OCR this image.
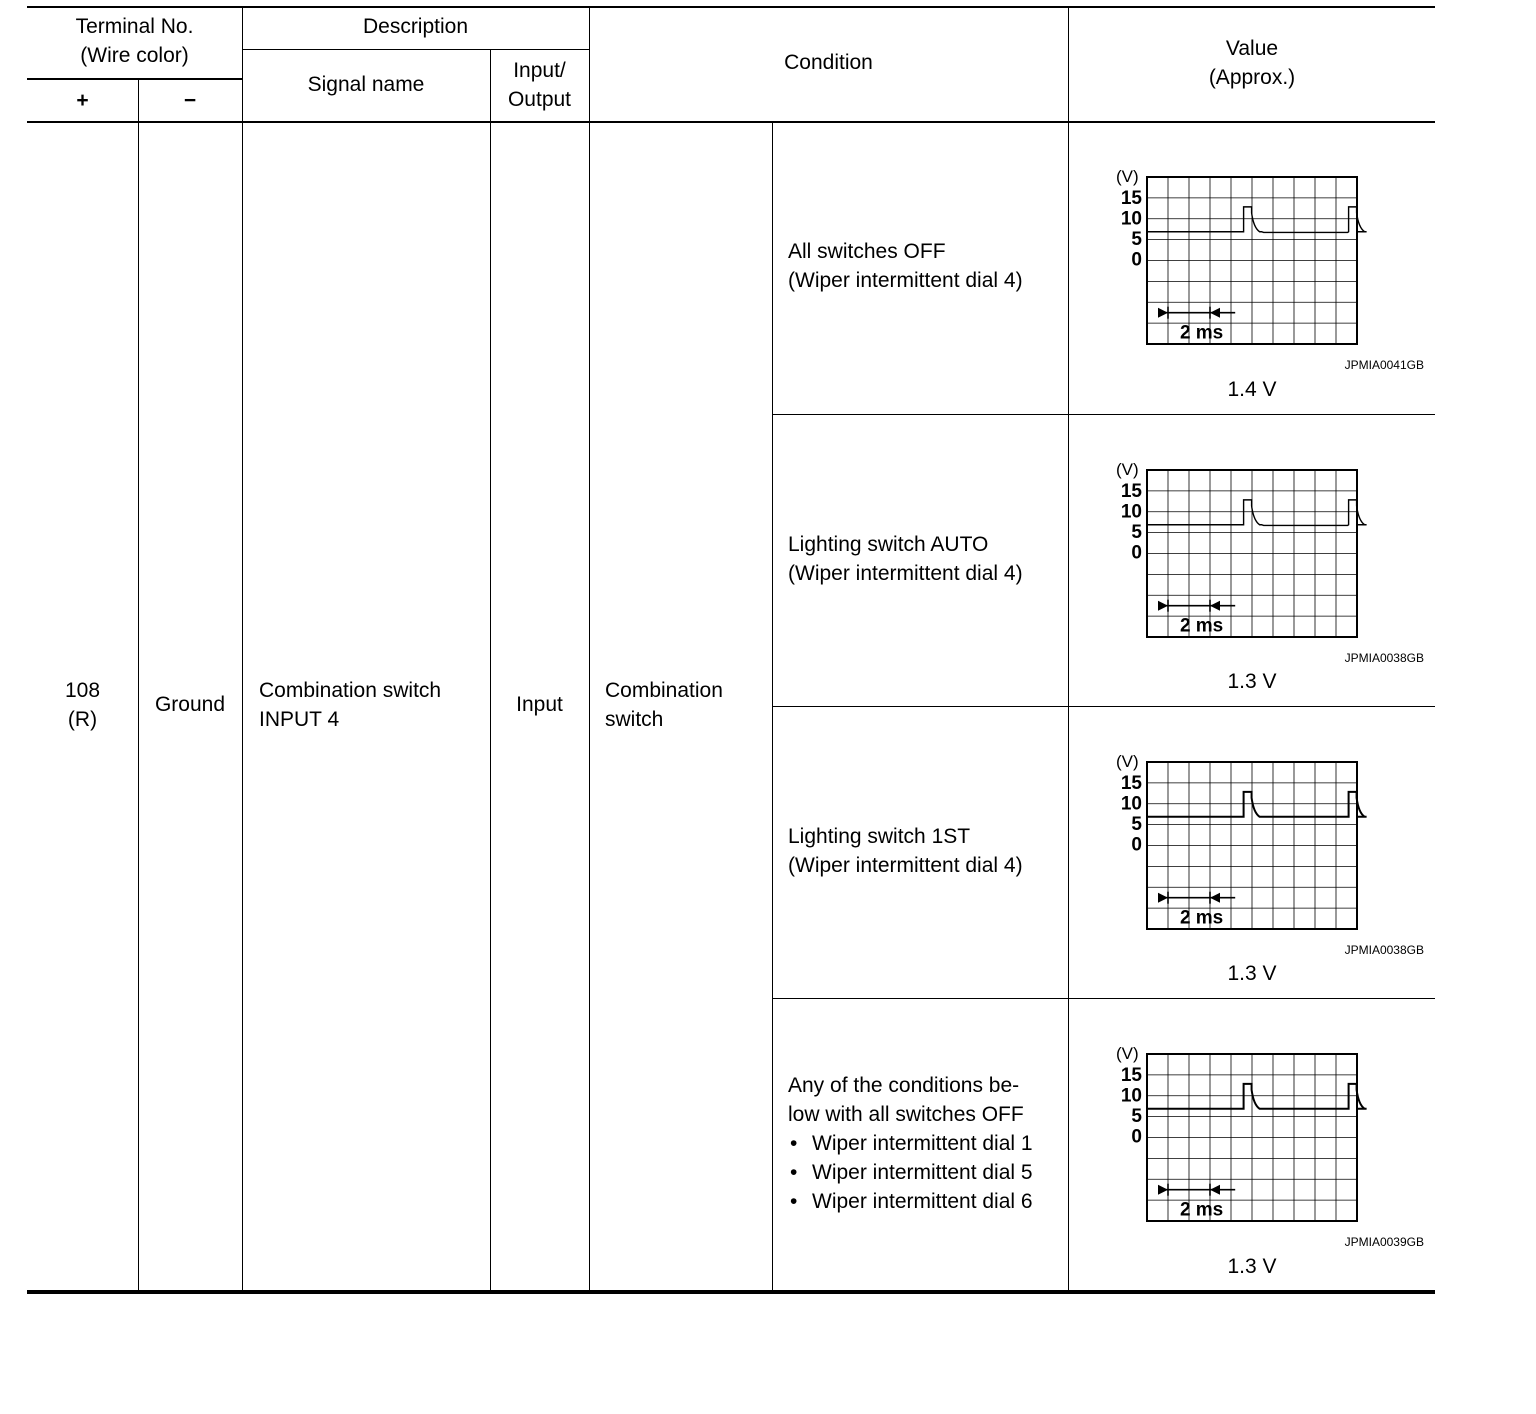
Terminal No.
(Wire color)
+	−
Description
Signal name
Input/
Output
Condition
Value
(Approx.)
108
(R)
Ground
Combination switch
INPUT 4
Input
Combination
switch
All switches OFF
(Wiper intermittent dial 4)
Lighting switch AUTO
(Wiper intermittent dial 4)
Lighting switch 1ST
(Wiper intermittent dial 4)
Any of the conditions be-
low with all switches OFF
• Wiper intermittent dial 1
• Wiper intermittent dial 5
• Wiper intermittent dial 6
(V)
15
10
5
0
2 ms
(V)
15
10
5
0
2 ms
(V)
15
10
5
0
2 ms
(V)
15
10
5
0
2 ms
JPMIA0041GB
JPMIA0038GB
JPMIA0038GB
JPMIA0039GB
1.4 V
1.3 V
1.3 V
1.3 V
